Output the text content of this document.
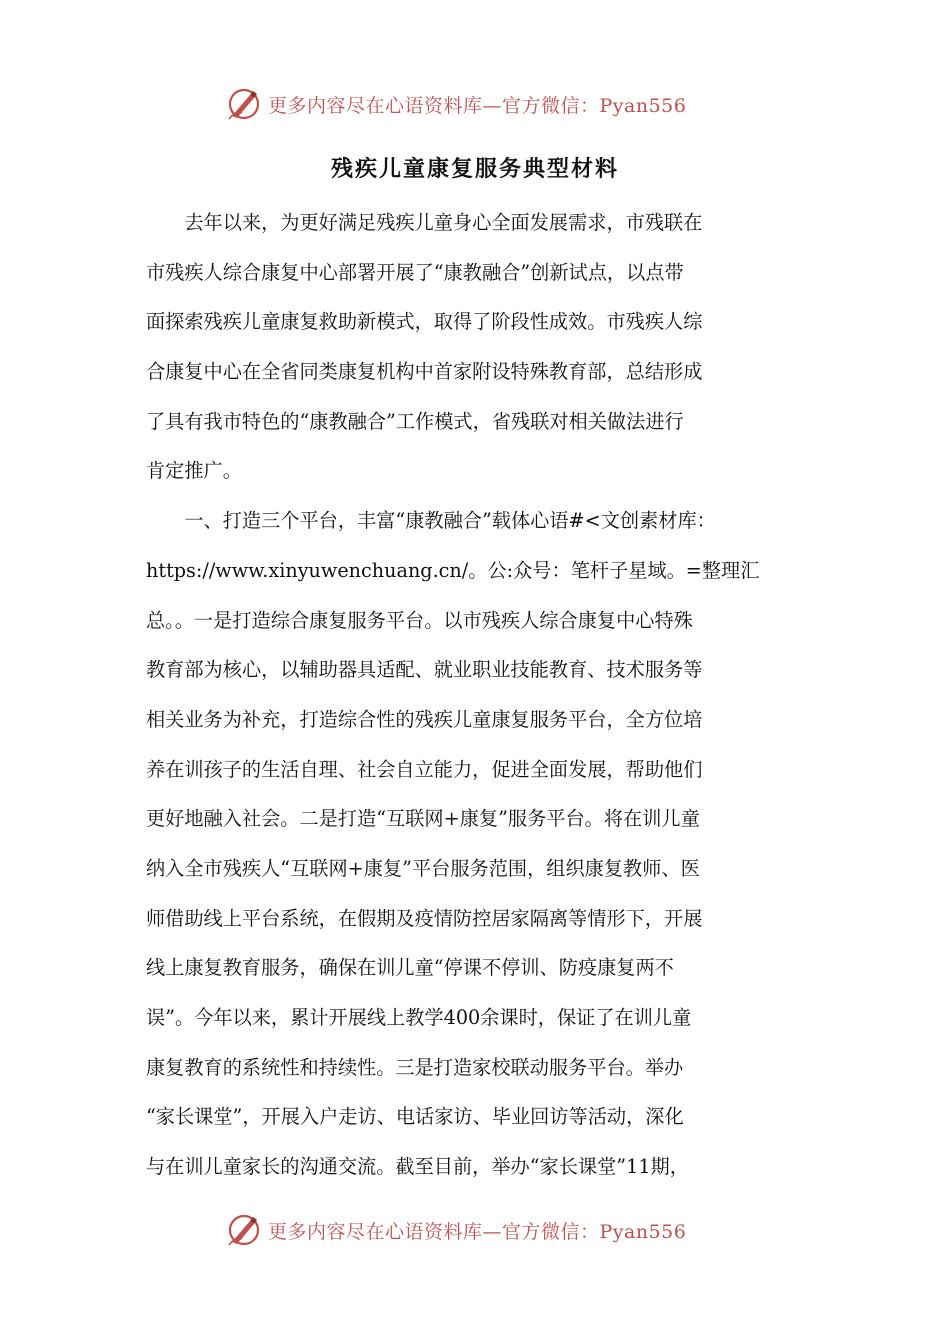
更多内容尽在心语资料库—官方微信：Pyan556
残疾儿童康复服务典型材料
　　去年以来，为更好满足残疾儿童身心全面发展需求，市残联在
市残疾人综合康复中心部署开展了“康教融合”创新试点，以点带
面探索残疾儿童康复救助新模式，取得了阶段性成效。市残疾人综
合康复中心在全省同类康复机构中首家附设特殊教育部，总结形成
了具有我市特色的“康教融合”工作模式，省残联对相关做法进行
肯定推广。
　　一、打造三个平台，丰富“康教融合”载体心语#<文创素材库：
https://www.xinyuwenchuang.cn/。公:众号：笔杆子星域。=整理汇
总。。一是打造综合康复服务平台。以市残疾人综合康复中心特殊
教育部为核心，以辅助器具适配、就业职业技能教育、技术服务等
相关业务为补充，打造综合性的残疾儿童康复服务平台，全方位培
养在训孩子的生活自理、社会自立能力，促进全面发展，帮助他们
更好地融入社会。二是打造“互联网+康复”服务平台。将在训儿童
纳入全市残疾人“互联网+康复”平台服务范围，组织康复教师、医
师借助线上平台系统，在假期及疫情防控居家隔离等情形下，开展
线上康复教育服务，确保在训儿童“停课不停训、防疫康复两不
误”。今年以来，累计开展线上教学400余课时，保证了在训儿童
康复教育的系统性和持续性。三是打造家校联动服务平台。举办
“家长课堂”，开展入户走访、电话家访、毕业回访等活动，深化
与在训儿童家长的沟通交流。截至目前，举办“家长课堂”11期，
更多内容尽在心语资料库—官方微信：Pyan556
